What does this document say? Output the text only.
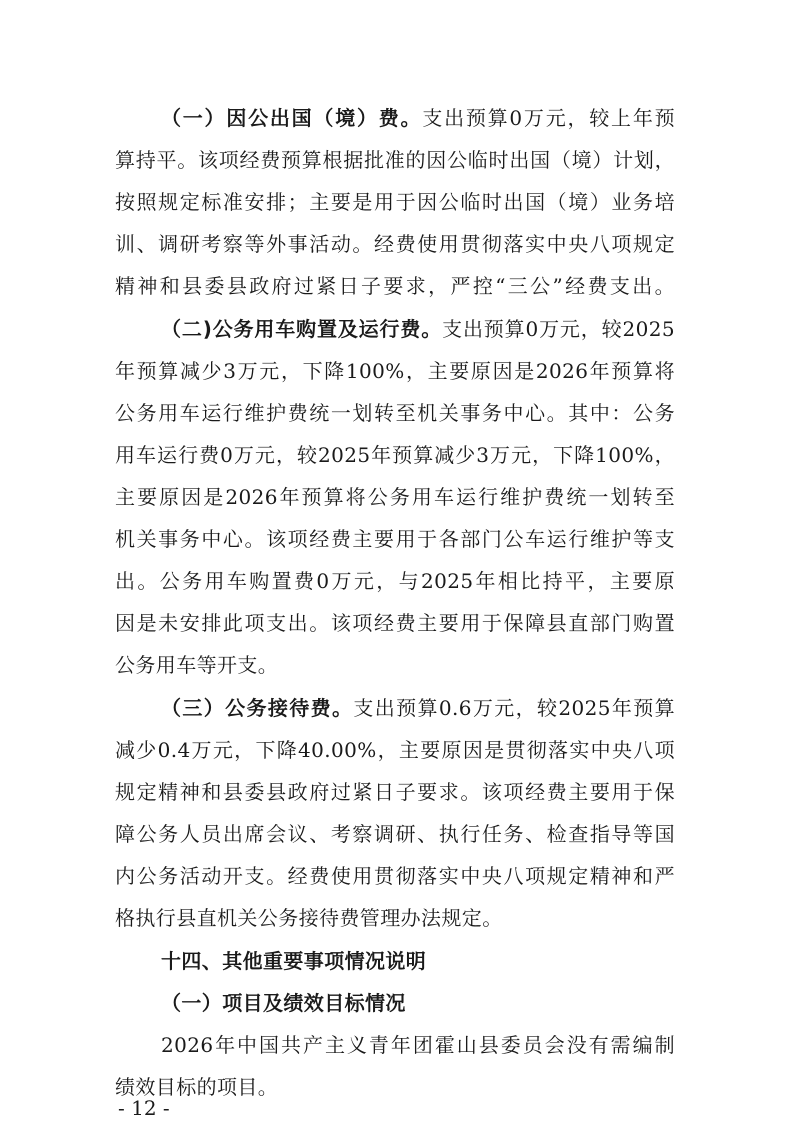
（一）因公出国（境）费。支出预算0万元，较上年预
算持平。该项经费预算根据批准的因公临时出国（境）计划，
按照规定标准安排；主要是用于因公临时出国（境）业务培
训、调研考察等外事活动。经费使用贯彻落实中央八项规定
精神和县委县政府过紧日子要求，严控“三公”经费支出。
（二)公务用车购置及运行费。支出预算0万元，较2025
年预算减少3万元，下降100%，主要原因是2026年预算将
公务用车运行维护费统一划转至机关事务中心。其中：公务
用车运行费0万元，较2025年预算减少3万元，下降100%，
主要原因是2026年预算将公务用车运行维护费统一划转至
机关事务中心。该项经费主要用于各部门公车运行维护等支
出。公务用车购置费0万元，与2025年相比持平，主要原
因是未安排此项支出。该项经费主要用于保障县直部门购置
公务用车等开支。
（三）公务接待费。支出预算0.6万元，较2025年预算
减少0.4万元，下降40.00%，主要原因是贯彻落实中央八项
规定精神和县委县政府过紧日子要求。该项经费主要用于保
障公务人员出席会议、考察调研、执行任务、检查指导等国
内公务活动开支。经费使用贯彻落实中央八项规定精神和严
格执行县直机关公务接待费管理办法规定。
十四、其他重要事项情况说明
（一）项目及绩效目标情况
2026年中国共产主义青年团霍山县委员会没有需编制
绩效目标的项目。
- 12 -
